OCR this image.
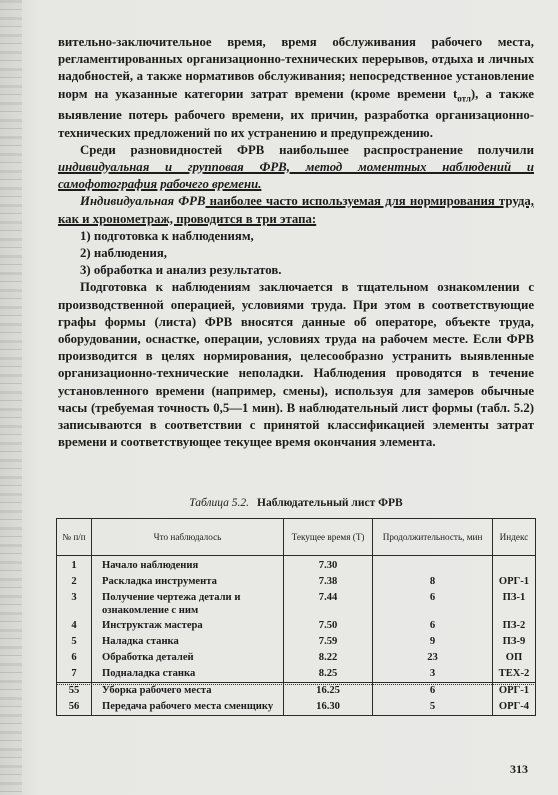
вительно-заключительное время, время обслуживания рабочего места, регламентированных организационно-технических перерывов, отдыха и личных надобностей, а также нормативов обслуживания; непосредственное установление норм на указанные категории затрат времени (кроме времени $t_{отл}$), а также выявление потерь рабочего времени, их причин, разработка организационно-технических предложений по их устранению и предупреждению.

Среди разновидностей ФРВ наибольшее распространение получили индивидуальная и групповая ФРВ, метод моментных наблюдений и самофотография рабочего времени.

Индивидуальная ФРВ наиболее часто используемая для нормирования труда, как и хронометраж, проводится в три этапа:

1) подготовка к наблюдениям,
2) наблюдения,
3) обработка и анализ результатов.

Подготовка к наблюдениям заключается в тщательном ознакомлении с производственной операцией, условиями труда. При этом в соответствующие графы формы (листа) ФРВ вносятся данные об операторе, объекте труда, оборудовании, оснастке, операции, условиях труда на рабочем месте. Если ФРВ производится в целях нормирования, целесообразно устранить выявленные организационно-технические неполадки. Наблюдения проводятся в течение установленного времени (например, смены), используя для замеров обычные часы (требуемая точность 0,5—1 мин). В наблюдательный лист формы (табл. 5.2) записываются в соответствии с принятой классификацией элементы затрат времени и соответствующее текущее время окончания элемента.

Таблица 5.2. Наблюдательный лист ФРВ
№ п/п	Что наблюдалось	Текущее время (Т)	Продолжительность, мин	Индекс
1	Начало наблюдения	7.30		
2	Раскладка инструмента	7.38	8	ОРГ-1
3	Получение чертежа детали и ознакомление с ним	7.44	6	ПЗ-1
4	Инструктаж мастера	7.50	6	ПЗ-2
5	Наладка станка	7.59	9	ПЗ-9
6	Обработка деталей	8.22	23	ОП
7	Подналадка станка	8.25	3	ТЕХ-2
55	Уборка рабочего места	16.25	6	ОРГ-1
56	Передача рабочего места сменщику	16.30	5	ОРГ-4
313
